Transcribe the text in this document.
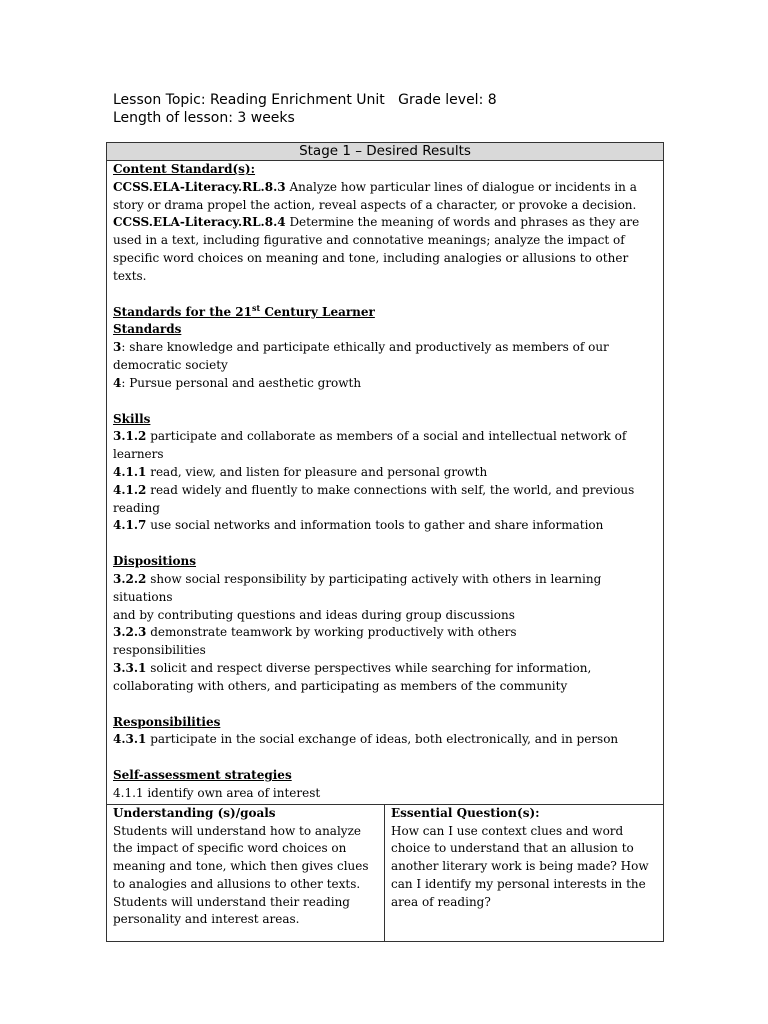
Lesson Topic: Reading Enrichment Unit   Grade level: 8
Length of lesson: 3 weeks
Stage 1 – Desired Results

Content Standard(s):

CCSS.ELA-Literacy.RL.8.3 Analyze how particular lines of dialogue or incidents in a

story or drama propel the action, reveal aspects of a character, or provoke a decision.

CCSS.ELA-Literacy.RL.8.4 Determine the meaning of words and phrases as they are

used in a text, including figurative and connotative meanings; analyze the impact of

specific word choices on meaning and tone, including analogies or allusions to other

texts.

Standards for the 21st Century Learner

Standards

3: share knowledge and participate ethically and productively as members of our

democratic society

4: Pursue personal and aesthetic growth

Skills

3.1.2 participate and collaborate as members of a social and intellectual network of

learners

4.1.1 read, view, and listen for pleasure and personal growth

4.1.2 read widely and fluently to make connections with self, the world, and previous

reading

4.1.7 use social networks and information tools to gather and share information

Dispositions

3.2.2 show social responsibility by participating actively with others in learning situations

and by contributing questions and ideas during group discussions

3.2.3 demonstrate teamwork by working productively with others

responsibilities

3.3.1 solicit and respect diverse perspectives while searching for information,

collaborating with others, and participating as members of the community

Responsibilities

4.3.1 participate in the social exchange of ideas, both electronically, and in person

Self-assessment strategies

4.1.1 identify own area of interest

Understanding (s)/goals

Students will understand how to analyze

the impact of specific word choices on

meaning and tone, which then gives clues

to analogies and allusions to other texts.

Students will understand their reading

personality and interest areas.

Essential Question(s):

How can I use context clues and word

choice to understand that an allusion to

another literary work is being made? How

can I identify my personal interests in the

area of reading?
